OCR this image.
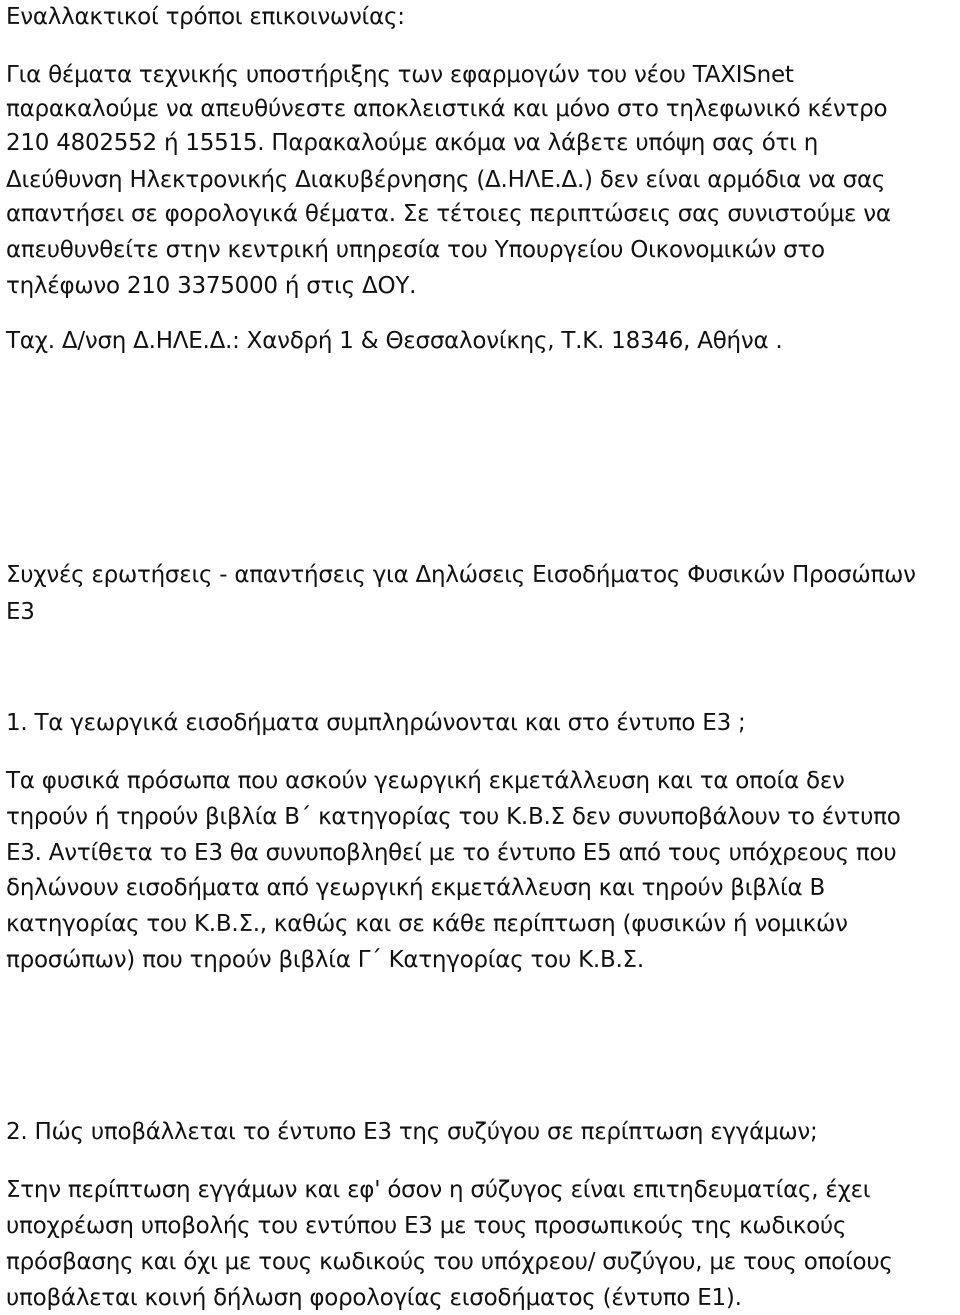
Εναλλακτικοί τρόποι επικοινωνίας:
Για θέματα τεχνικής υποστήριξης των εφαρμογών του νέου TAXISnet
παρακαλούμε να απευθύνεστε αποκλειστικά και μόνο στο τηλεφωνικό κέντρο
210 4802552 ή 15515. Παρακαλούμε ακόμα να λάβετε υπόψη σας ότι η
Διεύθυνση Ηλεκτρονικής Διακυβέρνησης (Δ.ΗΛΕ.Δ.) δεν είναι αρμόδια να σας
απαντήσει σε φορολογικά θέματα. Σε τέτοιες περιπτώσεις σας συνιστούμε να
απευθυνθείτε στην κεντρική υπηρεσία του Υπουργείου Οικονομικών στο
τηλέφωνο 210 3375000 ή στις ΔΟΥ.
Ταχ. Δ/νση Δ.ΗΛΕ.Δ.: Χανδρή 1 & Θεσσαλονίκης, Τ.Κ. 18346, Αθήνα .
Συχνές ερωτήσεις - απαντήσεις για Δηλώσεις Εισοδήματος Φυσικών Προσώπων
Ε3
1. Τα γεωργικά εισοδήματα συμπληρώνονται και στο έντυπο Ε3 ;
Τα φυσικά πρόσωπα που ασκούν γεωργική εκμετάλλευση και τα οποία δεν
τηρούν ή τηρούν βιβλία Β΄ κατηγορίας του Κ.Β.Σ δεν συνυποβάλουν το έντυπο
Ε3. Αντίθετα το Ε3 θα συνυποβληθεί με το έντυπο Ε5 από τους υπόχρεους που
δηλώνουν εισοδήματα από γεωργική εκμετάλλευση και τηρούν βιβλία Β
κατηγορίας του Κ.Β.Σ., καθώς και σε κάθε περίπτωση (φυσικών ή νομικών
προσώπων) που τηρούν βιβλία Γ΄ Κατηγορίας του Κ.Β.Σ.
2. Πώς υποβάλλεται το έντυπο Ε3 της συζύγου σε περίπτωση εγγάμων;
Στην περίπτωση εγγάμων και εφ' όσον η σύζυγος είναι επιτηδευματίας, έχει
υποχρέωση υποβολής του εντύπου Ε3 με τους προσωπικούς της κωδικούς
πρόσβασης και όχι με τους κωδικούς του υπόχρεου/ συζύγου, με τους οποίους
υποβάλεται κοινή δήλωση φορολογίας εισοδήματος (έντυπο Ε1).
